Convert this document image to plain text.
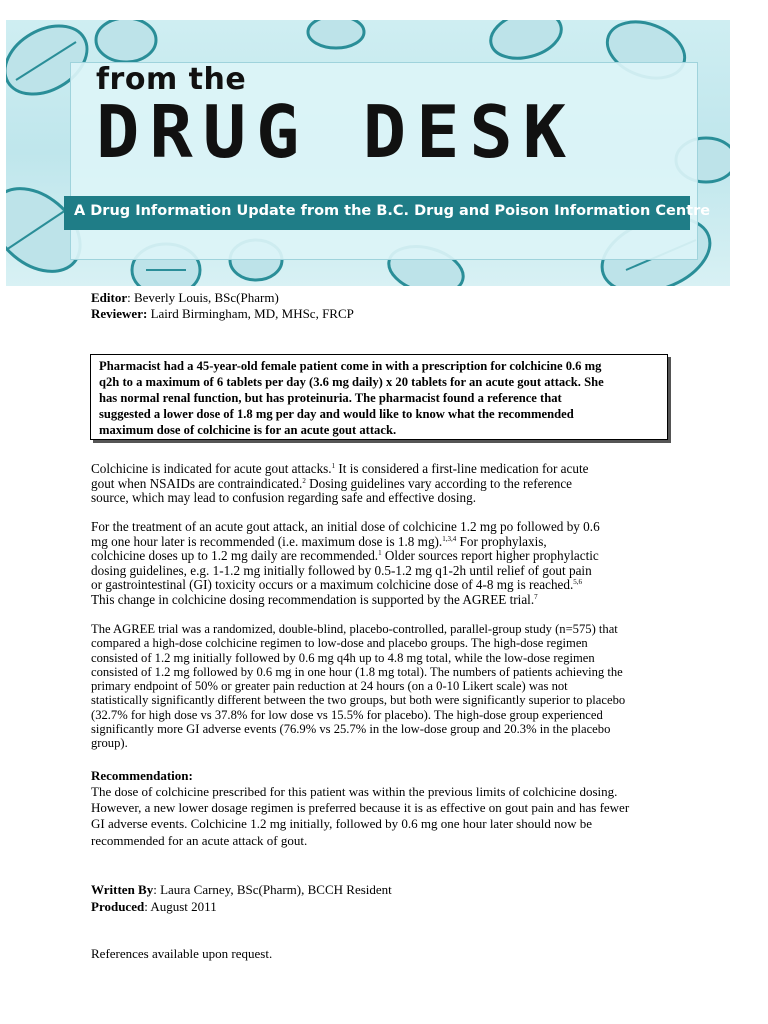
from the
DRUG DESK
A Drug Information Update from the B.C. Drug and Poison Information Centre
Editor: Beverly Louis, BSc(Pharm)
Reviewer: Laird Birmingham, MD, MHSc, FRCP
Pharmacist had a 45-year-old female patient come in with a prescription for colchicine 0.6 mg
q2h to a maximum of 6 tablets per day (3.6 mg daily) x 20 tablets for an acute gout attack. She
has normal renal function, but has proteinuria. The pharmacist found a reference that
suggested a lower dose of 1.8 mg per day and would like to know what the recommended
maximum dose of colchicine is for an acute gout attack.
Colchicine is indicated for acute gout attacks.$^1$ It is considered a first-line medication for acute
gout when NSAIDs are contraindicated.$^2$ Dosing guidelines vary according to the reference
source, which may lead to confusion regarding safe and effective dosing.
For the treatment of an acute gout attack, an initial dose of colchicine 1.2 mg po followed by 0.6
mg one hour later is recommended (i.e. maximum dose is 1.8 mg).$^{1,3,4}$ For prophylaxis,
colchicine doses up to 1.2 mg daily are recommended.$^1$ Older sources report higher prophylactic
dosing guidelines, e.g. 1-1.2 mg initially followed by 0.5-1.2 mg q1-2h until relief of gout pain
or gastrointestinal (GI) toxicity occurs or a maximum colchicine dose of 4-8 mg is reached.$^{5,6}$
This change in colchicine dosing recommendation is supported by the AGREE trial.$^7$
The AGREE trial was a randomized, double-blind, placebo-controlled, parallel-group study (n=575) that
compared a high-dose colchicine regimen to low-dose and placebo groups. The high-dose regimen
consisted of 1.2 mg initially followed by 0.6 mg q4h up to 4.8 mg total, while the low-dose regimen
consisted of 1.2 mg followed by 0.6 mg in one hour (1.8 mg total). The numbers of patients achieving the
primary endpoint of 50% or greater pain reduction at 24 hours (on a 0-10 Likert scale) was not
statistically significantly different between the two groups, but both were significantly superior to placebo
(32.7% for high dose vs 37.8% for low dose vs 15.5% for placebo). The high-dose group experienced
significantly more GI adverse events (76.9% vs 25.7% in the low-dose group and 20.3% in the placebo
group).
Recommendation:
The dose of colchicine prescribed for this patient was within the previous limits of colchicine dosing.
However, a new lower dosage regimen is preferred because it is as effective on gout pain and has fewer
GI adverse events. Colchicine 1.2 mg initially, followed by 0.6 mg one hour later should now be
recommended for an acute attack of gout.
Written By: Laura Carney, BSc(Pharm), BCCH Resident
Produced: August 2011
References available upon request.
